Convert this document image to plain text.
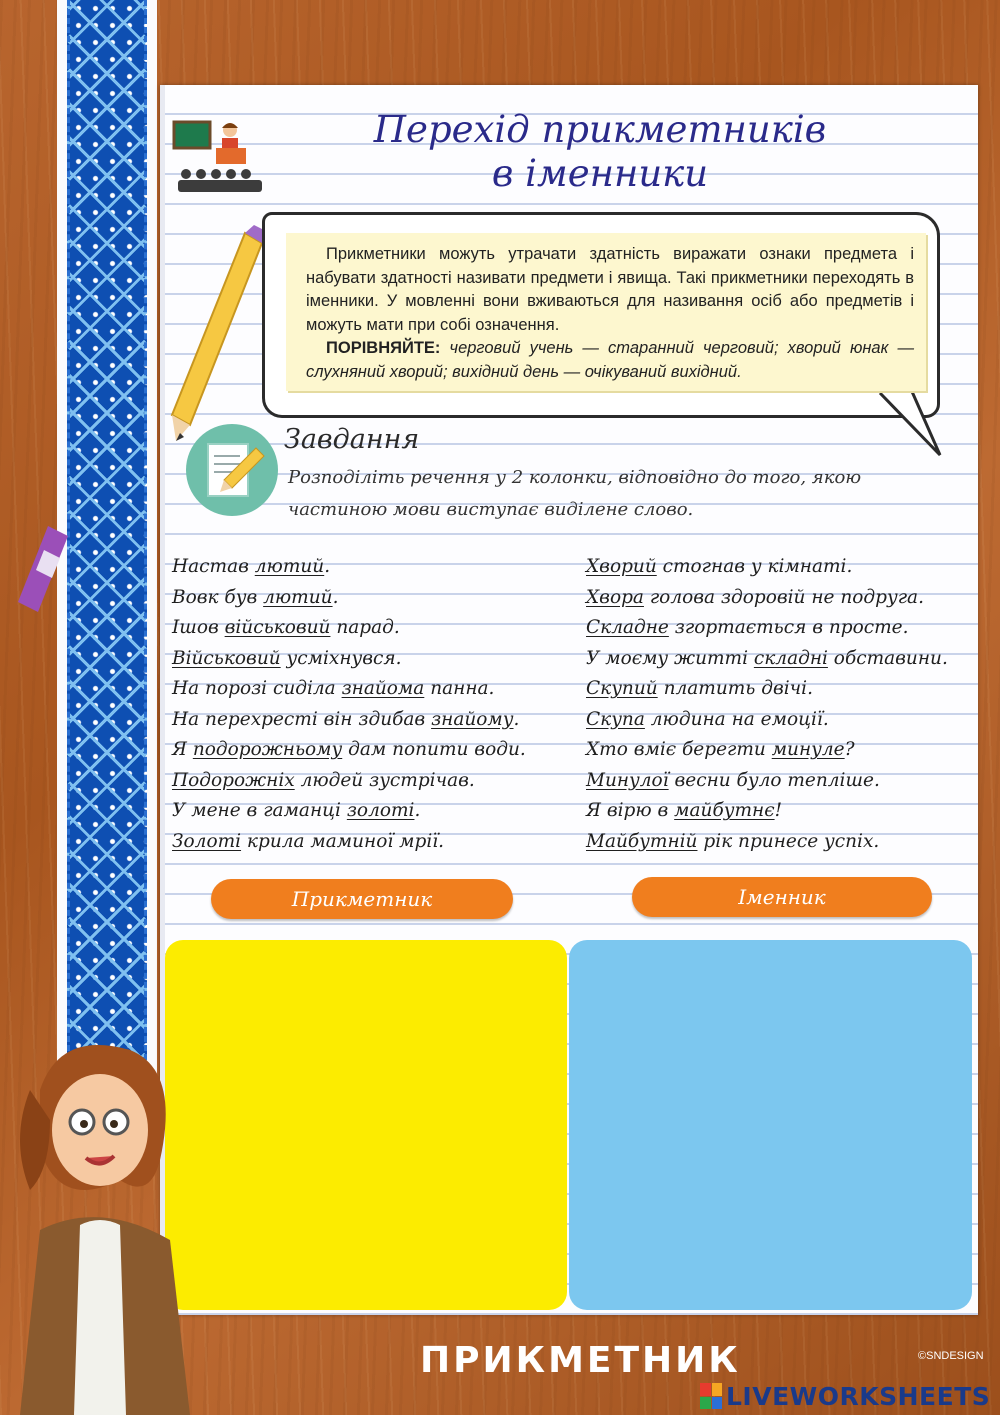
Перехід прикметників
в іменники

Прикметники можуть утрачати здатність виражати ознаки предмета і набувати здатності називати предмети і явища. Такі прикметники переходять в іменники. У мовленні вони вживаються для називання осіб або предметів і можуть мати при собі означення.

ПОРІВНЯЙТЕ: черговий учень — старанний черговий; хворий юнак — слухняний хворий; вихідний день — очікуваний вихідний.

Завдання
Розподіліть речення у 2 колонки, відповідно до того, якою
частиною мови виступає виділене слово.
Настав лютий.
Вовк був лютий.
Ішов військовий парад.
Військовий усміхнувся.
На порозі сиділа знайома панна.
На перехресті він здибав знайому.
Я подорожньому дам попити води.
Подорожніх людей зустрічав.
У мене в гаманці золоті.
Золоті крила маминої мрії.
Хворий стогнав у кімнаті.
Хвора голова здоровій не подруга.
Складне згортається в просте.
У моєму житті складні обставини.
Скупий платить двічі.
Скупа людина на емоції.
Хто вміє берегти минуле?
Минулої весни було тепліше.
Я вірю в майбутнє!
Майбутній рік принесе успіх.
Прикметник	Іменник
ПРИКМЕТНИК	©SNDESIGN
LIVEWORKSHEETS
